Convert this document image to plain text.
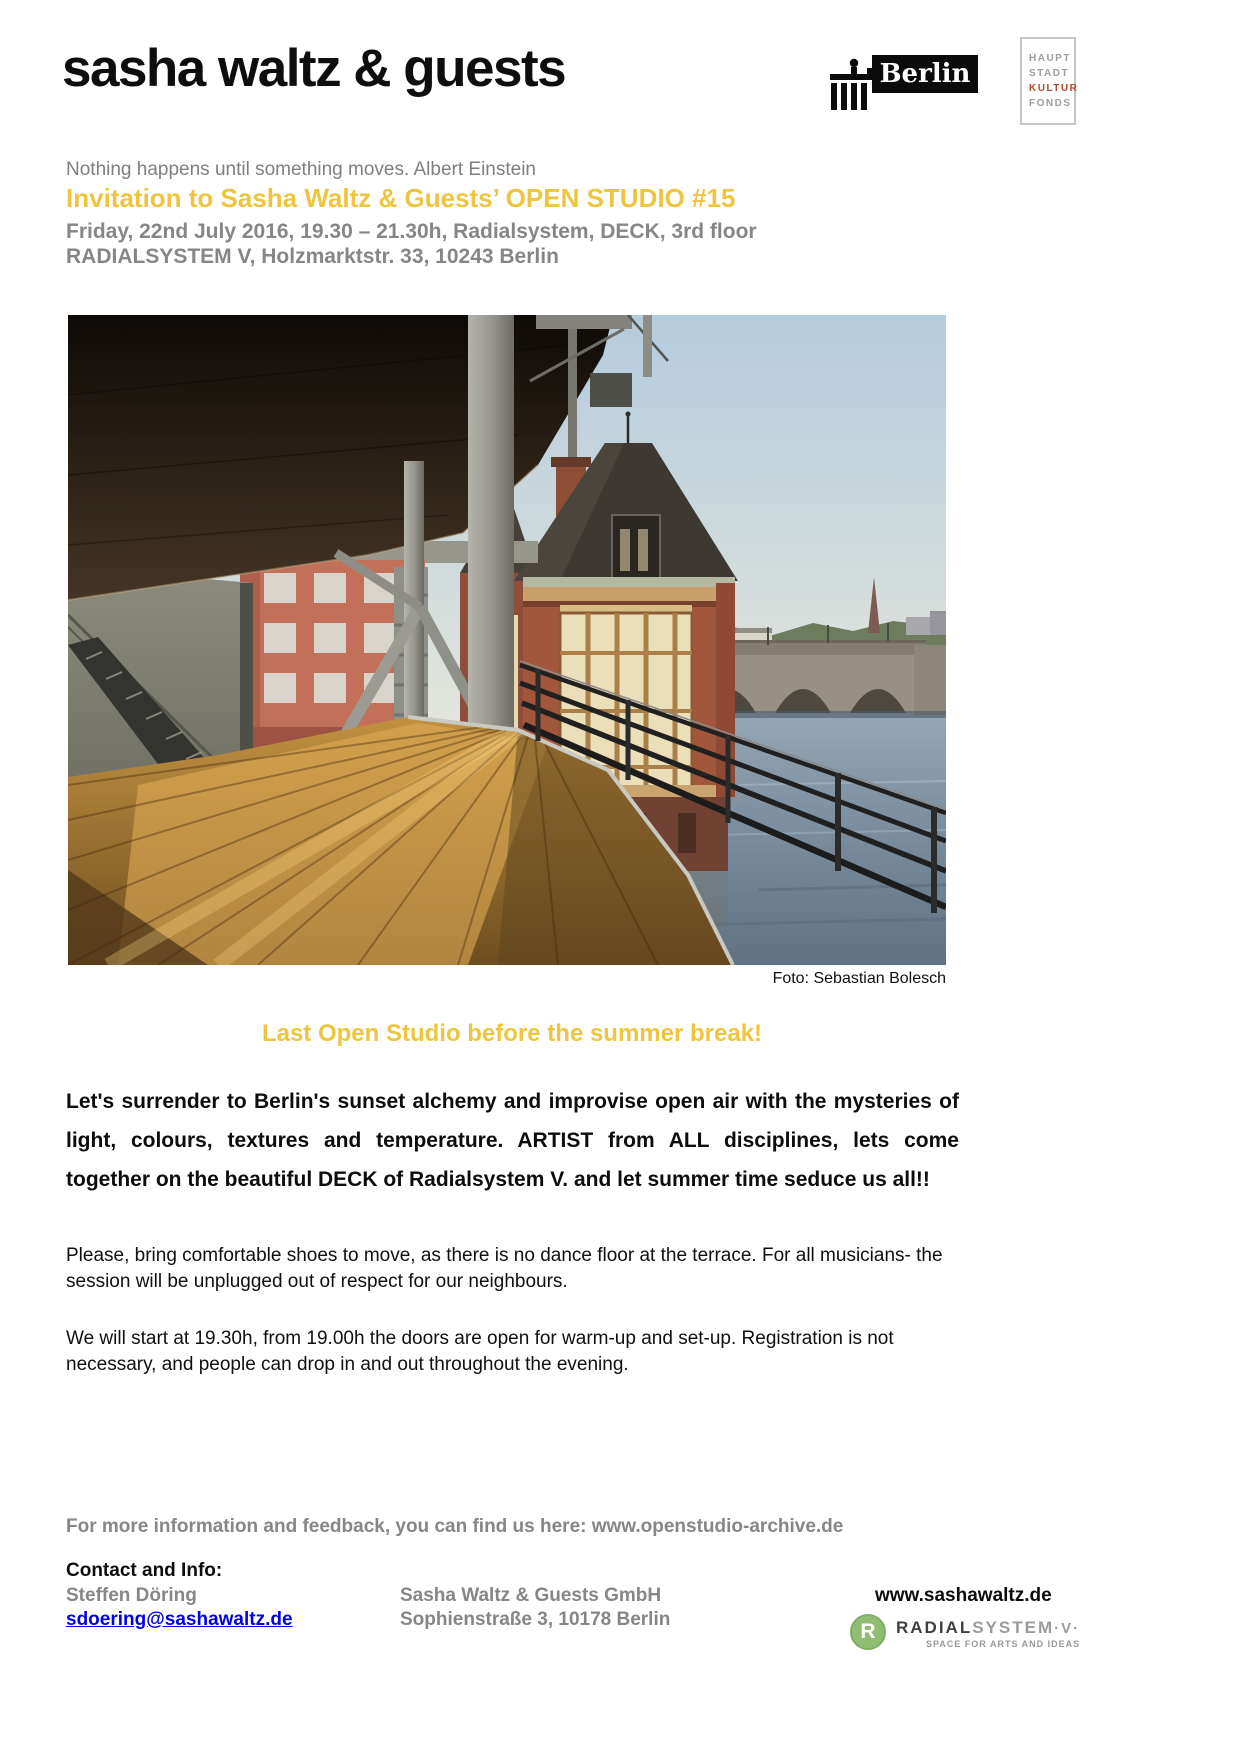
sasha waltz & guests	Berlin
HAUPT
STADT
KULTUR
FONDS
Nothing happens until something moves. Albert Einstein
Invitation to Sasha Waltz & Guests’ OPEN STUDIO #15
Friday, 22nd July 2016, 19.30 – 21.30h, Radialsystem, DECK, 3rd floor
RADIALSYSTEM V, Holzmarktstr. 33, 10243 Berlin
Foto: Sebastian Bolesch
Last Open Studio before the summer break!
Let's surrender to Berlin's sunset alchemy and improvise open air with the mysteries of light, colours, textures and temperature. ARTIST from ALL disciplines, lets come together on the beautiful DECK of Radialsystem V. and let summer time seduce us all!!
Please, bring comfortable shoes to move, as there is no dance floor at the terrace. For all musicians- the session will be unplugged out of respect for our neighbours.
We will start at 19.30h, from 19.00h the doors are open for warm-up and set-up. Registration is not necessary, and people can drop in and out throughout the evening.
For more information and feedback, you can find us here: www.openstudio-archive.de
Contact and Info:
Steffen Döring
sdoering@sashawaltz.de
Sasha Waltz & Guests GmbH
Sophienstraße 3, 10178 Berlin
www.sashawaltz.de
R	RADIALSYSTEM·V·
SPACE FOR ARTS AND IDEAS
